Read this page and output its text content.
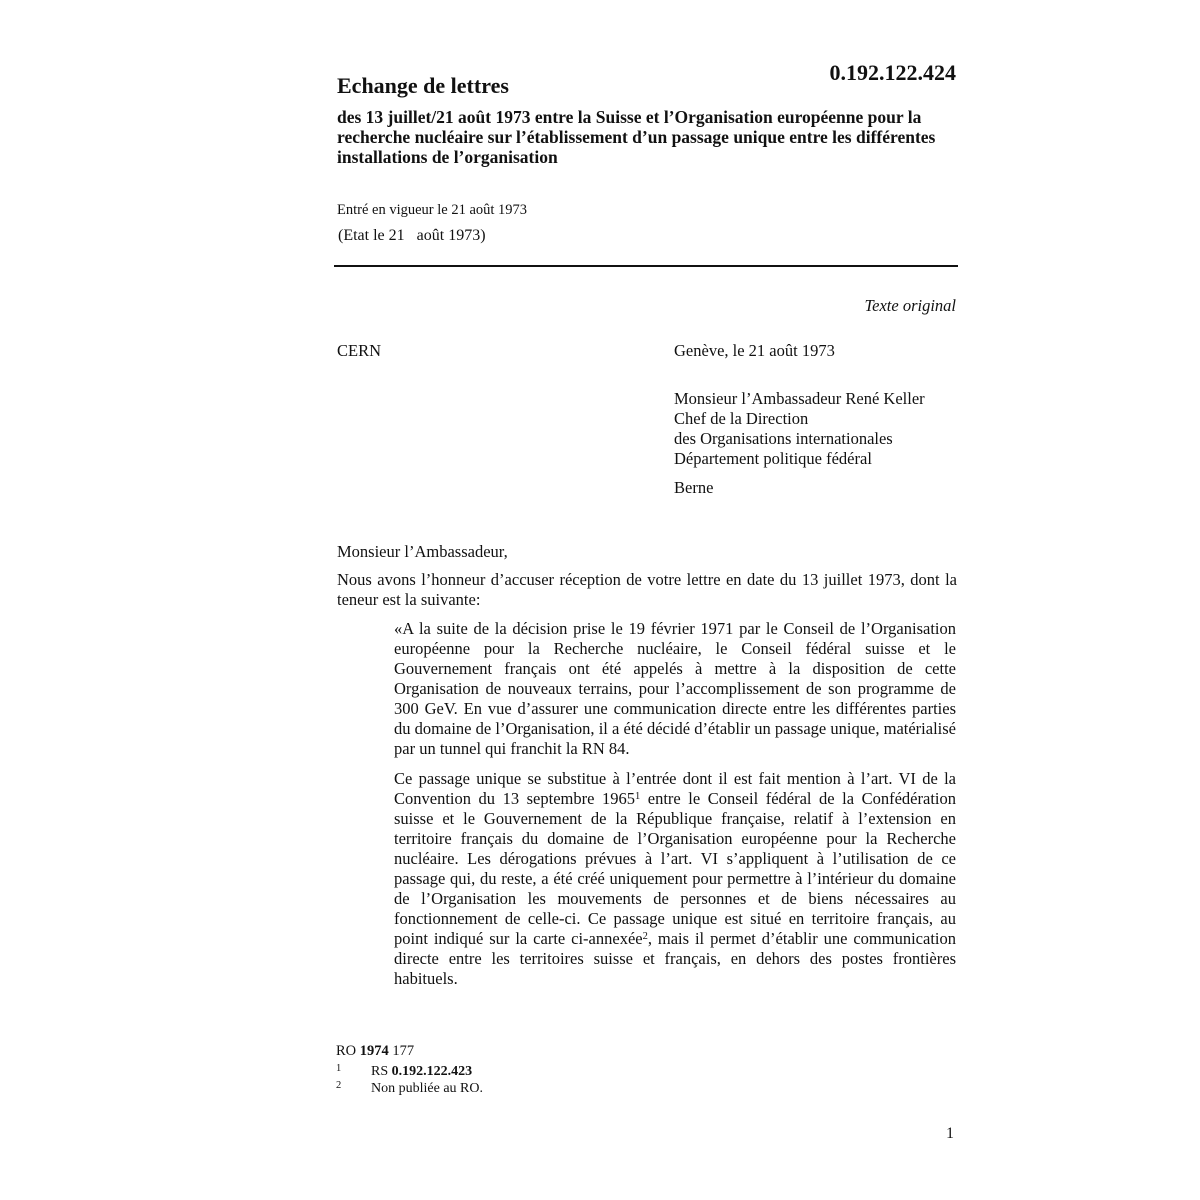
0.192.122.424
Echange de lettres
des 13 juillet/21 août 1973 entre la Suisse et l’Organisation européenne pour la recherche nucléaire sur l’établissement d’un passage unique entre les différentes installations de l’organisation
Entré en vigueur le 21 août 1973
(Etat le 21   août 1973)
Texte original
CERN	Genève, le 21 août 1973
Monsieur l’Ambassadeur René Keller
Chef de la Direction
des Organisations internationales
Département politique fédéral
Berne
Monsieur l’Ambassadeur,

Nous avons l’honneur d’accuser réception de votre lettre en date du 13 juillet 1973, dont la teneur est la suivante:

«A la suite de la décision prise le 19 février 1971 par le Conseil de l’Organisation européenne pour la Recherche nucléaire, le Conseil fédéral suisse et le Gouvernement français ont été appelés à mettre à la disposition de cette Organisation de nouveaux terrains, pour l’accomplissement de son programme de 300 GeV. En vue d’assurer une communication directe entre les différentes parties du domaine de l’Organisation, il a été décidé d’établir un passage unique, matérialisé par un tunnel qui franchit la RN 84.

Ce passage unique se substitue à l’entrée dont il est fait mention à l’art. VI de la Convention du 13 septembre 1965$^1$ entre le Conseil fédéral de la Confédération suisse et le Gouvernement de la République française, relatif à l’extension en territoire français du domaine de l’Organisation européenne pour la Recherche nucléaire. Les dérogations prévues à l’art. VI s’appliquent à l’utilisation de ce passage qui, du reste, a été créé uniquement pour permettre à l’intérieur du domaine de l’Organisation les mouvements de personnes et de biens nécessaires au fonctionnement de celle-ci. Ce passage unique est situé en territoire français, au point indiqué sur la carte ci-annexée$^2$, mais il permet d’établir une communication directe entre les territoires suisse et français, en dehors des postes frontières habituels.

RO 1974 177
1 RS 0.192.122.423
2 Non publiée au RO.
1
